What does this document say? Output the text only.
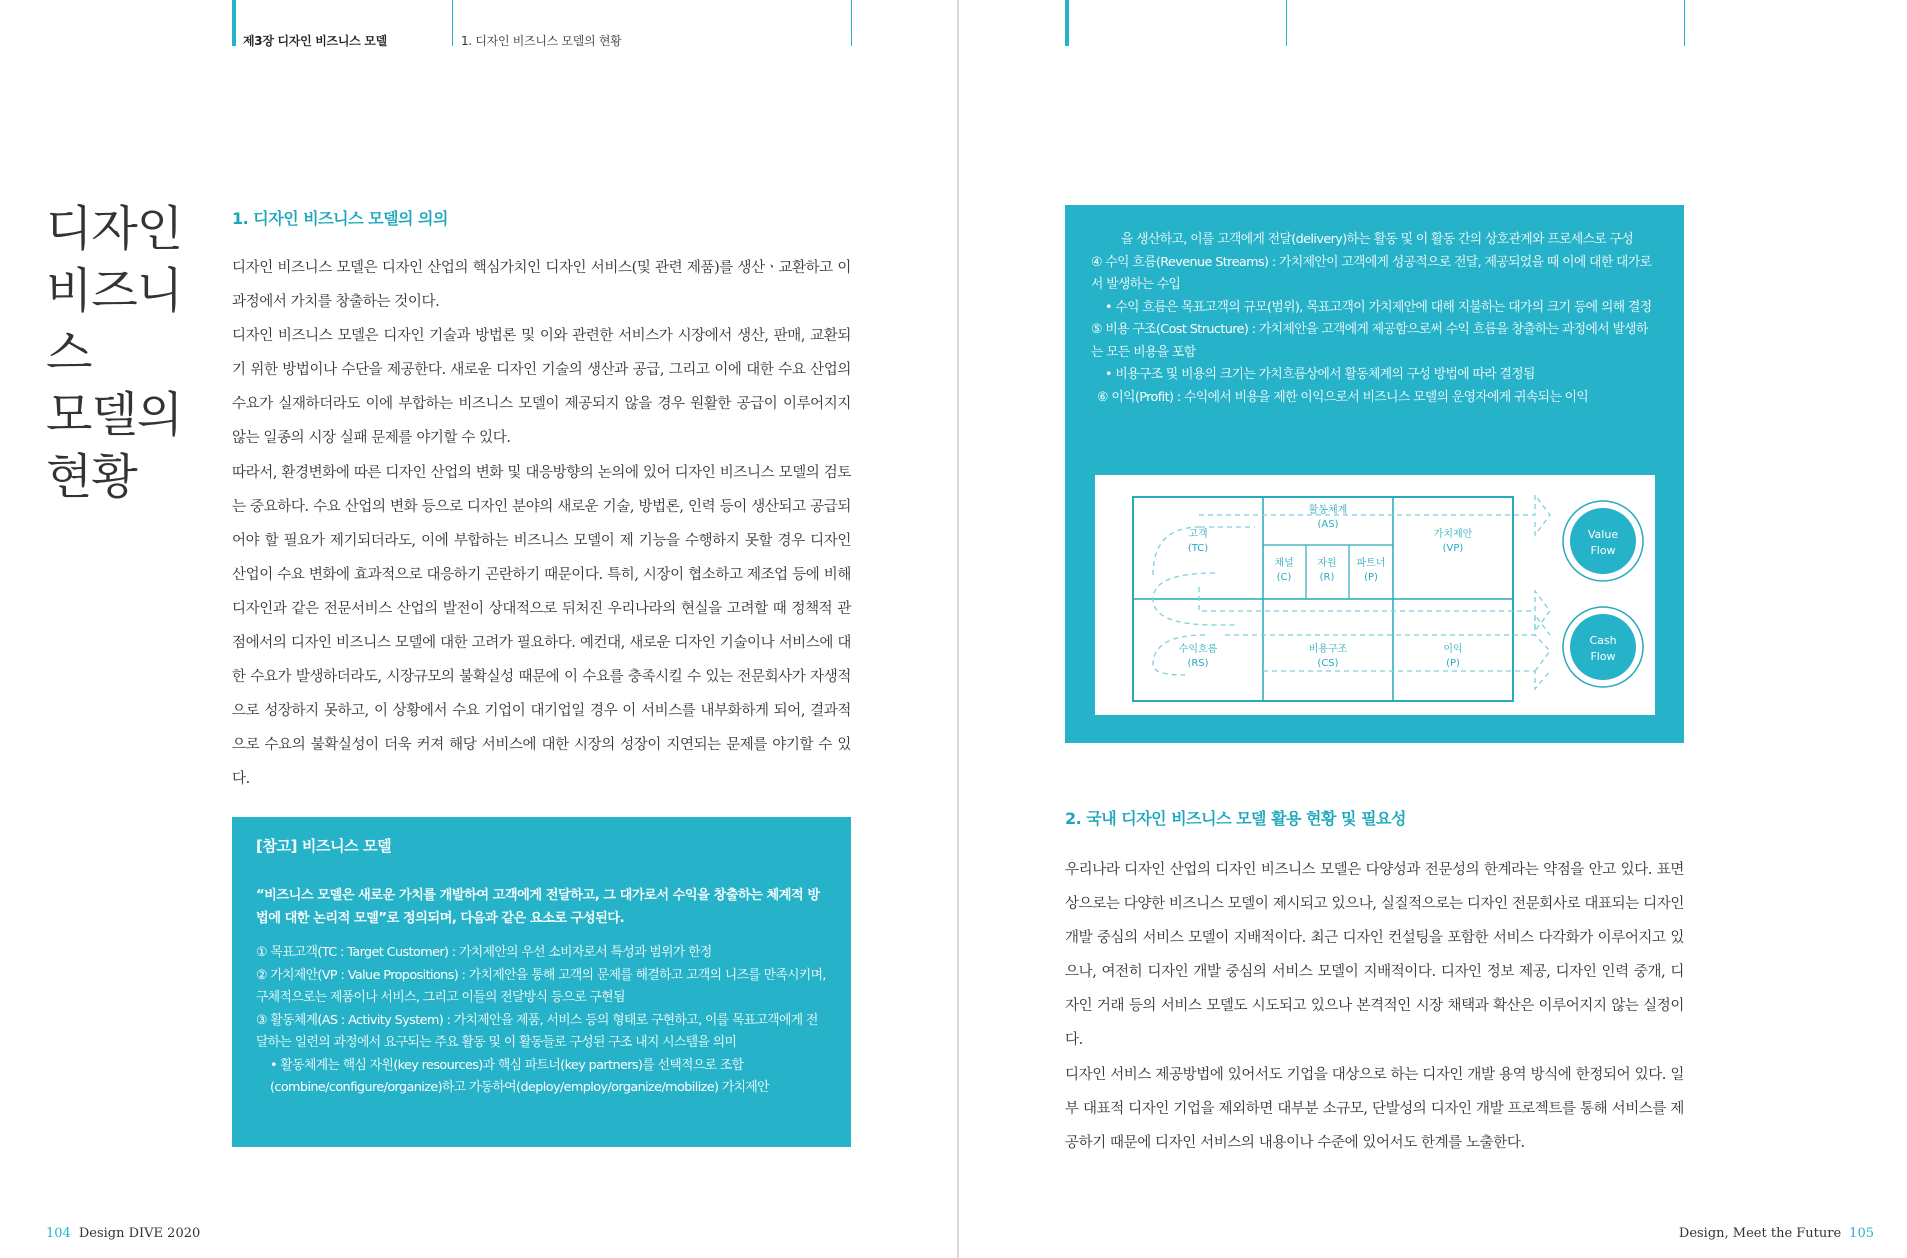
제3장 디자인 비즈니스 모델	1. 디자인 비즈니스 모델의 현황
디자인
비즈니스
모델의
현황
1. 디자인 비즈니스 모델의 의의

디자인 비즈니스 모델은 디자인 산업의 핵심가치인 디자인 서비스(및 관련 제품)를 생산ㆍ교환하고 이 과정에서 가치를 창출하는 것이다.

디자인 비즈니스 모델은 디자인 기술과 방법론 및 이와 관련한 서비스가 시장에서 생산, 판매, 교환되기 위한 방법이나 수단을 제공한다. 새로운 디자인 기술의 생산과 공급, 그리고 이에 대한 수요 산업의 수요가 실재하더라도 이에 부합하는 비즈니스 모델이 제공되지 않을 경우 원활한 공급이 이루어지지 않는 일종의 시장 실패 문제를 야기할 수 있다.

따라서, 환경변화에 따른 디자인 산업의 변화 및 대응방향의 논의에 있어 디자인 비즈니스 모델의 검토는 중요하다. 수요 산업의 변화 등으로 디자인 분야의 새로운 기술, 방법론, 인력 등이 생산되고 공급되어야 할 필요가 제기되더라도, 이에 부합하는 비즈니스 모델이 제 기능을 수행하지 못할 경우 디자인 산업이 수요 변화에 효과적으로 대응하기 곤란하기 때문이다. 특히, 시장이 협소하고 제조업 등에 비해 디자인과 같은 전문서비스 산업의 발전이 상대적으로 뒤처진 우리나라의 현실을 고려할 때 정책적 관점에서의 디자인 비즈니스 모델에 대한 고려가 필요하다. 예컨대, 새로운 디자인 기술이나 서비스에 대한 수요가 발생하더라도, 시장규모의 불확실성 때문에 이 수요를 충족시킬 수 있는 전문회사가 자생적으로 성장하지 못하고, 이 상황에서 수요 기업이 대기업일 경우 이 서비스를 내부화하게 되어, 결과적으로 수요의 불확실성이 더욱 커져 해당 서비스에 대한 시장의 성장이 지연되는 문제를 야기할 수 있다.

[참고] 비즈니스 모델
“비즈니스 모델은 새로운 가치를 개발하여 고객에게 전달하고, 그 대가로서 수익을 창출하는 체계적 방법에 대한 논리적 모델”로 정의되며, 다음과 같은 요소로 구성된다.
① 목표고객(TC : Target Customer) : 가치제안의 우선 소비자로서 특성과 범위가 한정
② 가치제안(VP : Value Propositions) : 가치제안을 통해 고객의 문제를 해결하고 고객의 니즈를 만족시키며, 구체적으로는 제품이나 서비스, 그리고 이들의 전달방식 등으로 구현됨
③ 활동체계(AS : Activity System) : 가치제안을 제품, 서비스 등의 형태로 구현하고, 이를 목표고객에게 전달하는 일련의 과정에서 요구되는 주요 활동 및 이 활동들로 구성된 구조 내지 시스템을 의미
• 활동체계는 핵심 자원(key resources)과 핵심 파트너(key partners)를 선택적으로 조합(combine/configure/organize)하고 가동하여(deploy/employ/organize/mobilize) 가치제안
을 생산하고, 이를 고객에게 전달(delivery)하는 활동 및 이 활동 간의 상호관계와 프로세스로 구성
④ 수익 흐름(Revenue Streams) : 가치제안이 고객에게 성공적으로 전달, 제공되었을 때 이에 대한 대가로서 발생하는 수입
• 수익 흐름은 목표고객의 규모(범위), 목표고객이 가치제안에 대해 지불하는 대가의 크기 등에 의해 결정
⑤ 비용 구조(Cost Structure) : 가치제안을 고객에게 제공함으로써 수익 흐름을 창출하는 과정에서 발생하는 모든 비용을 포함
• 비용구조 및 비용의 크기는 가치흐름상에서 활동체계의 구성 방법에 따라 결정됨
⑥ 이익(Profit) : 수익에서 비용을 제한 이익으로서 비즈니스 모델의 운영자에게 귀속되는 이익
고객
(TC)
활동체계
(AS)
채널
(C)
자원
(R)
파트너
(P)
가치제안
(VP)
수익흐름
(RS)
비용구조
(CS)
이익
(P)
Value
Flow
Cash
Flow
2. 국내 디자인 비즈니스 모델 활용 현황 및 필요성

우리나라 디자인 산업의 디자인 비즈니스 모델은 다양성과 전문성의 한계라는 약점을 안고 있다. 표면상으로는 다양한 비즈니스 모델이 제시되고 있으나, 실질적으로는 디자인 전문회사로 대표되는 디자인 개발 중심의 서비스 모델이 지배적이다. 최근 디자인 컨설팅을 포함한 서비스 다각화가 이루어지고 있으나, 여전히 디자인 개발 중심의 서비스 모델이 지배적이다. 디자인 정보 제공, 디자인 인력 중개, 디자인 거래 등의 서비스 모델도 시도되고 있으나 본격적인 시장 채택과 확산은 이루어지지 않는 실정이다.

디자인 서비스 제공방법에 있어서도 기업을 대상으로 하는 디자인 개발 용역 방식에 한정되어 있다. 일부 대표적 디자인 기업을 제외하면 대부분 소규모, 단발성의 디자인 개발 프로젝트를 통해 서비스를 제공하기 때문에 디자인 서비스의 내용이나 수준에 있어서도 한계를 노출한다.

104 Design DIVE 2020	Design, Meet the Future 105
